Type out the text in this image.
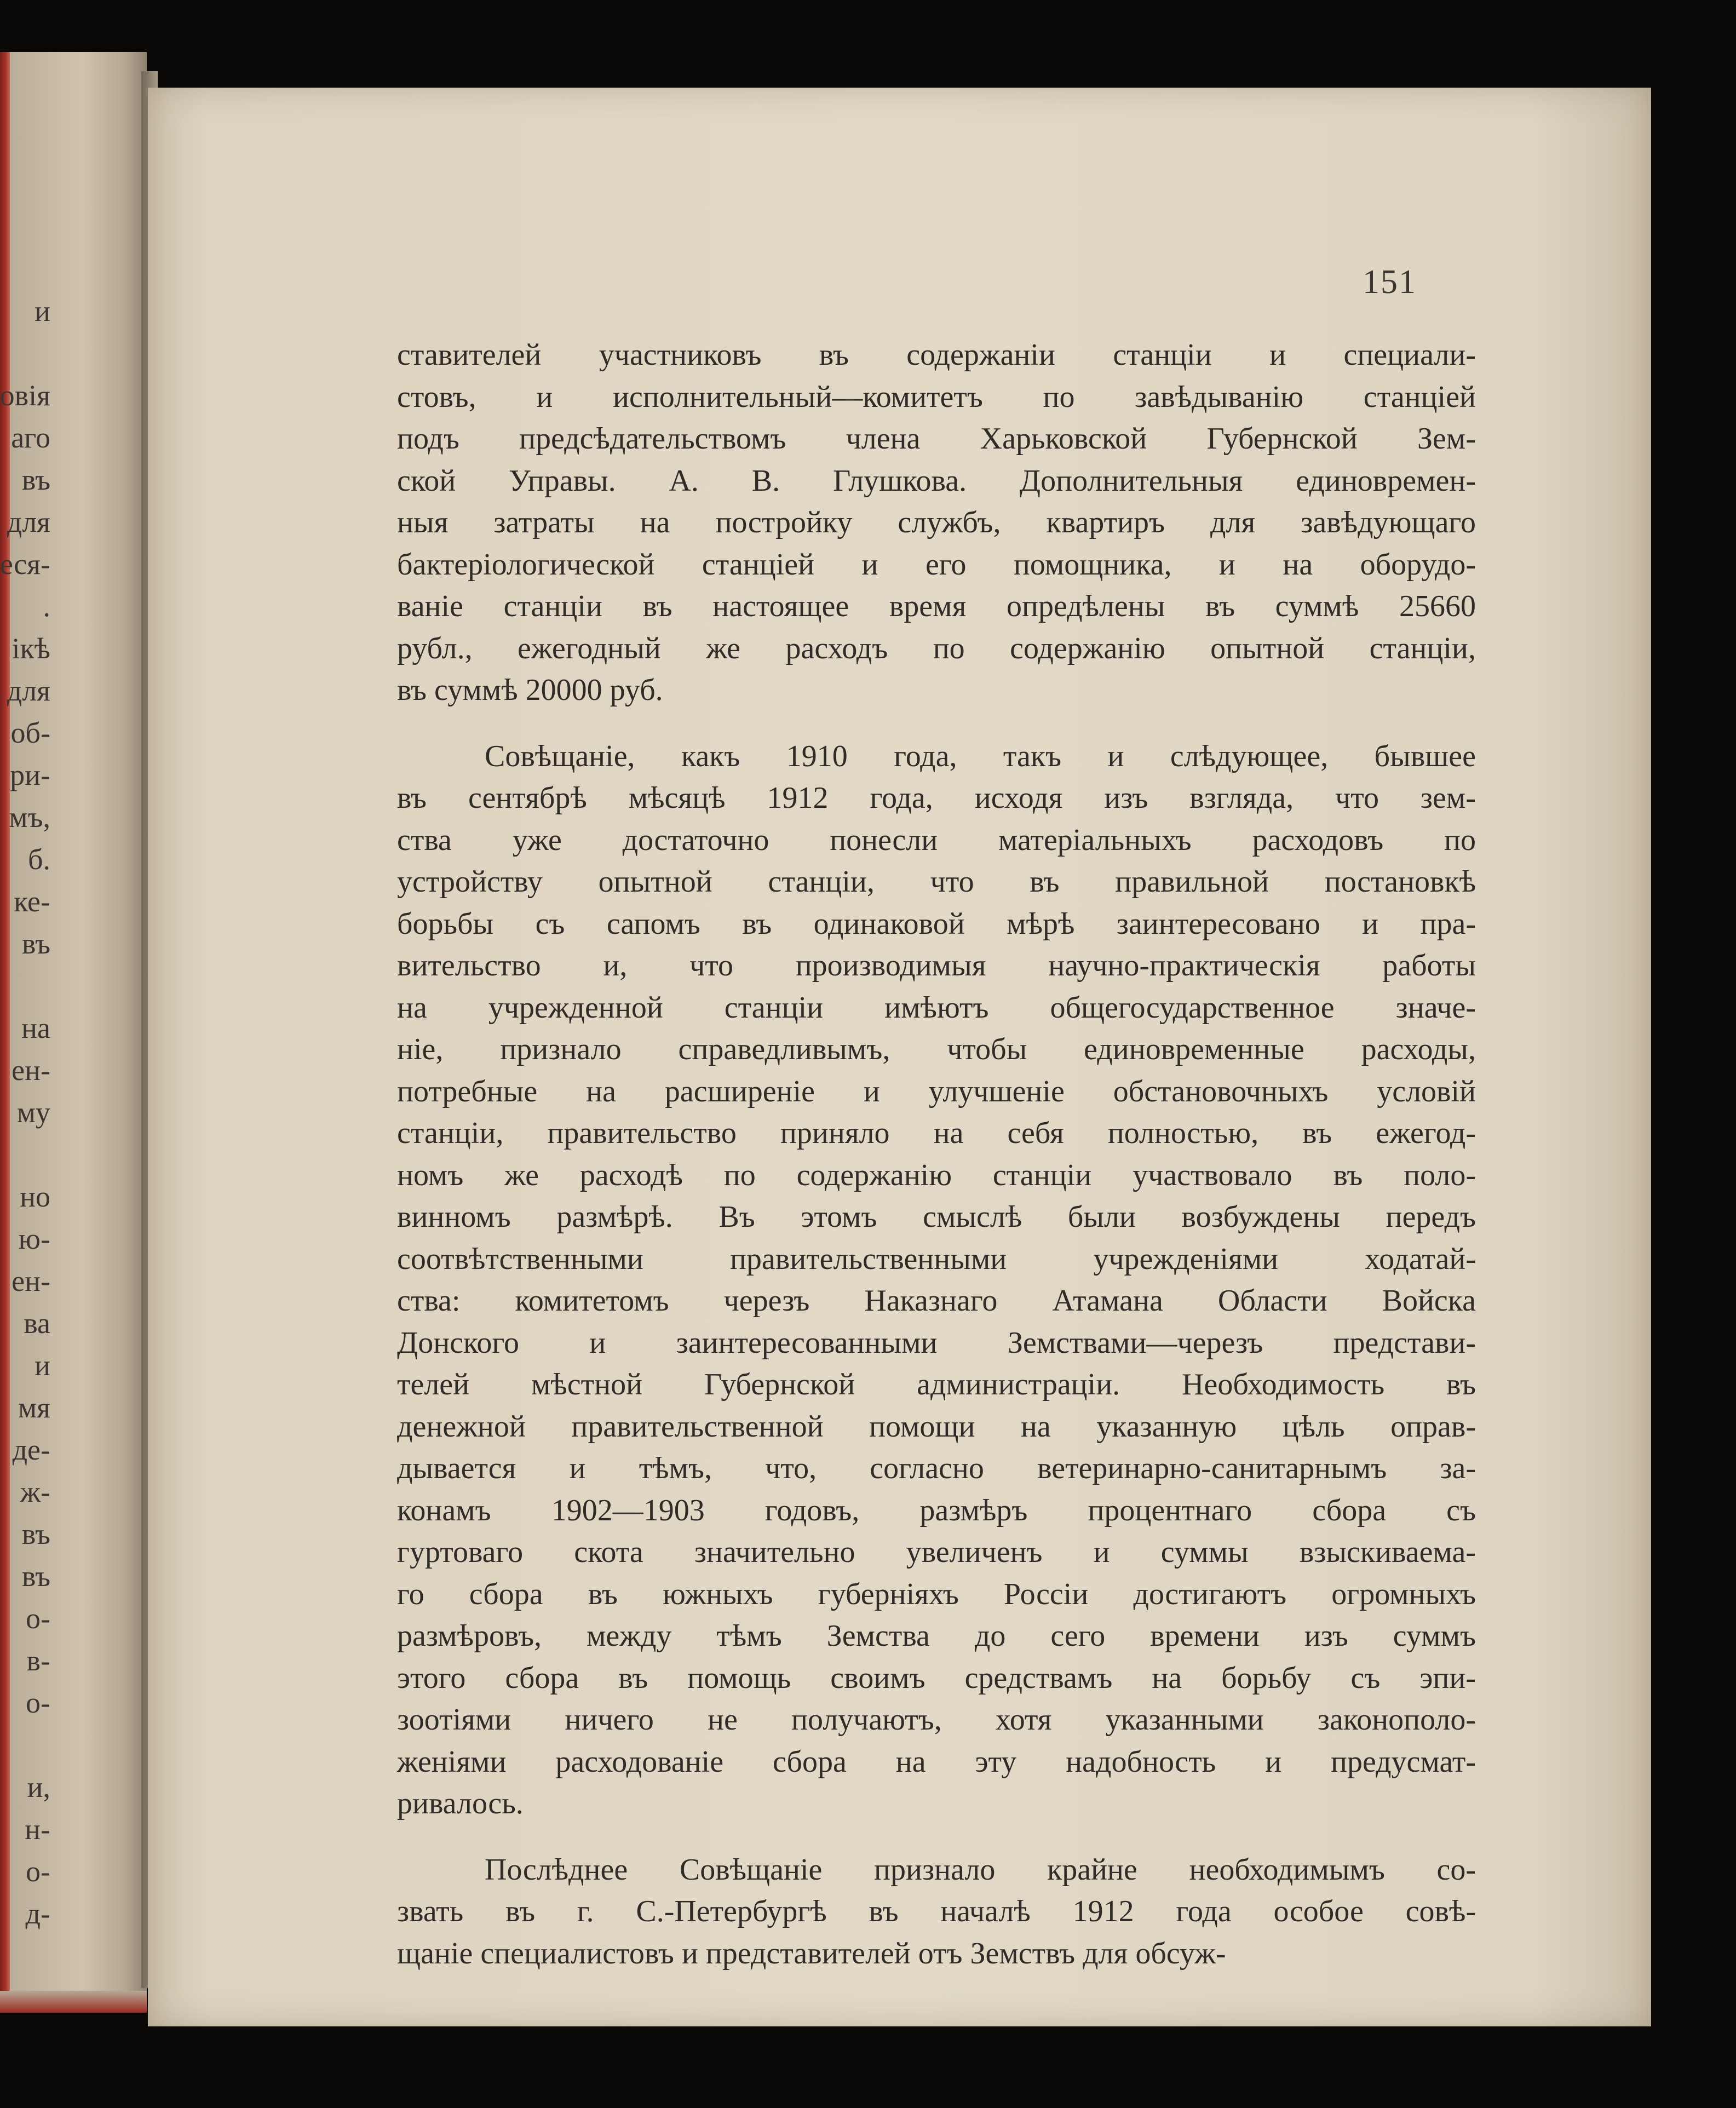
и
овія
аго
въ
для
еся-
.
ікѣ
для
об-
ри-
мъ,
б.
ке-
въ
на
ен-
му
но
ю-
ен-
ва
и
мя
де-
ж-
въ
въ
о-
в-
о-
и,
н-
о-
д-
151
ставителей участниковъ въ содержаніи станціи и специали-
стовъ, и исполнительный—комитетъ по завѣдыванію станціей
подъ предсѣдательствомъ члена Харьковской Губернской Зем-
ской Управы. А. В. Глушкова. Дополнительныя единовремен-
ныя затраты на постройку службъ, квартиръ для завѣдующаго
бактеріологической станціей и его помощника, и на оборудо-
ваніе станціи въ настоящее время опредѣлены въ суммѣ 25660
рубл., ежегодный же расходъ по содержанію опытной станціи,
въ суммѣ 20000 руб.
Совѣщаніе, какъ 1910 года, такъ и слѣдующее, бывшее
въ сентябрѣ мѣсяцѣ 1912 года, исходя изъ взгляда, что зем-
ства уже достаточно понесли матеріальныхъ расходовъ по
устройству опытной станціи, что въ правильной постановкѣ
борьбы съ сапомъ въ одинаковой мѣрѣ заинтересовано и пра-
вительство и, что производимыя научно-практическія работы
на учрежденной станціи имѣютъ общегосударственное значе-
ніе, признало справедливымъ, чтобы единовременные расходы,
потребные на расширеніе и улучшеніе обстановочныхъ условій
станціи, правительство приняло на себя полностью, въ ежегод-
номъ же расходѣ по содержанію станціи участвовало въ поло-
винномъ размѣрѣ. Въ этомъ смыслѣ были возбуждены передъ
соотвѣтственными правительственными учрежденіями ходатай-
ства: комитетомъ черезъ Наказнаго Атамана Области Войска
Донского и заинтересованными Земствами—черезъ представи-
телей мѣстной Губернской администраціи. Необходимость въ
денежной правительственной помощи на указанную цѣль оправ-
дывается и тѣмъ, что, согласно ветеринарно-санитарнымъ за-
конамъ 1902—1903 годовъ, размѣръ процентнаго сбора съ
гуртоваго скота значительно увеличенъ и суммы взыскиваема-
го сбора въ южныхъ губерніяхъ Россіи достигаютъ огромныхъ
размѣровъ, между тѣмъ Земства до сего времени изъ суммъ
этого сбора въ помощь своимъ средствамъ на борьбу съ эпи-
зоотіями ничего не получаютъ, хотя указанными законополо-
женіями расходованіе сбора на эту надобность и предусмат-
ривалось.
Послѣднее Совѣщаніе признало крайне необходимымъ со-
звать въ г. С.-Петербургѣ въ началѣ 1912 года особое совѣ-
щаніе специалистовъ и представителей отъ Земствъ для обсуж-
